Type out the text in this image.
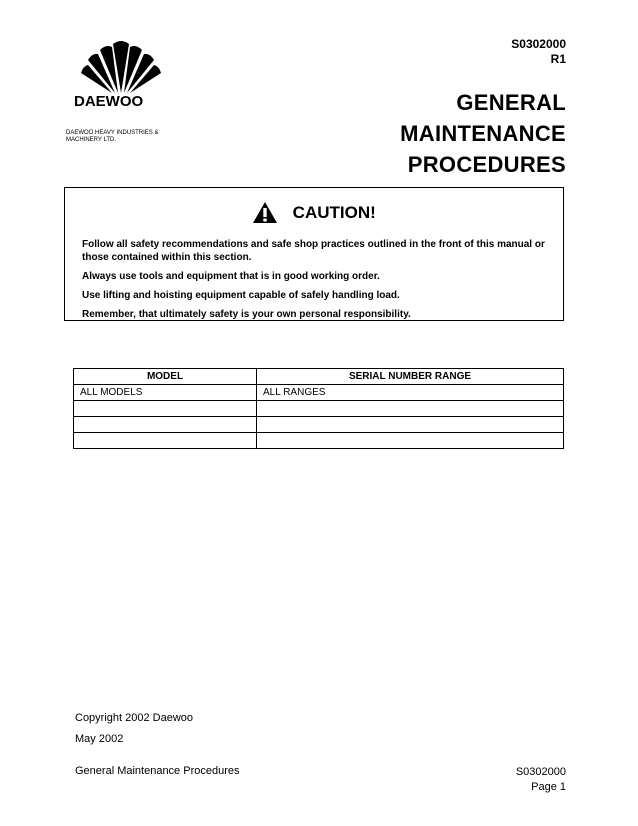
DAEWOO
DAEWOO HEAVY INDUSTRIES & MACHINERY LTD.
S0302000
R1
GENERAL
MAINTENANCE
PROCEDURES
CAUTION!

Follow all safety recommendations and safe shop practices outlined in the front of this manual or those contained within this section.

Always use tools and equipment that is in good working order.

Use lifting and hoisting equipment capable of safely handling load.

Remember, that ultimately safety is your own personal responsibility.

MODEL	SERIAL NUMBER RANGE
ALL MODELS	ALL RANGES

Copyright 2002 Daewoo
May 2002
General Maintenance Procedures	S0302000
Page 1
